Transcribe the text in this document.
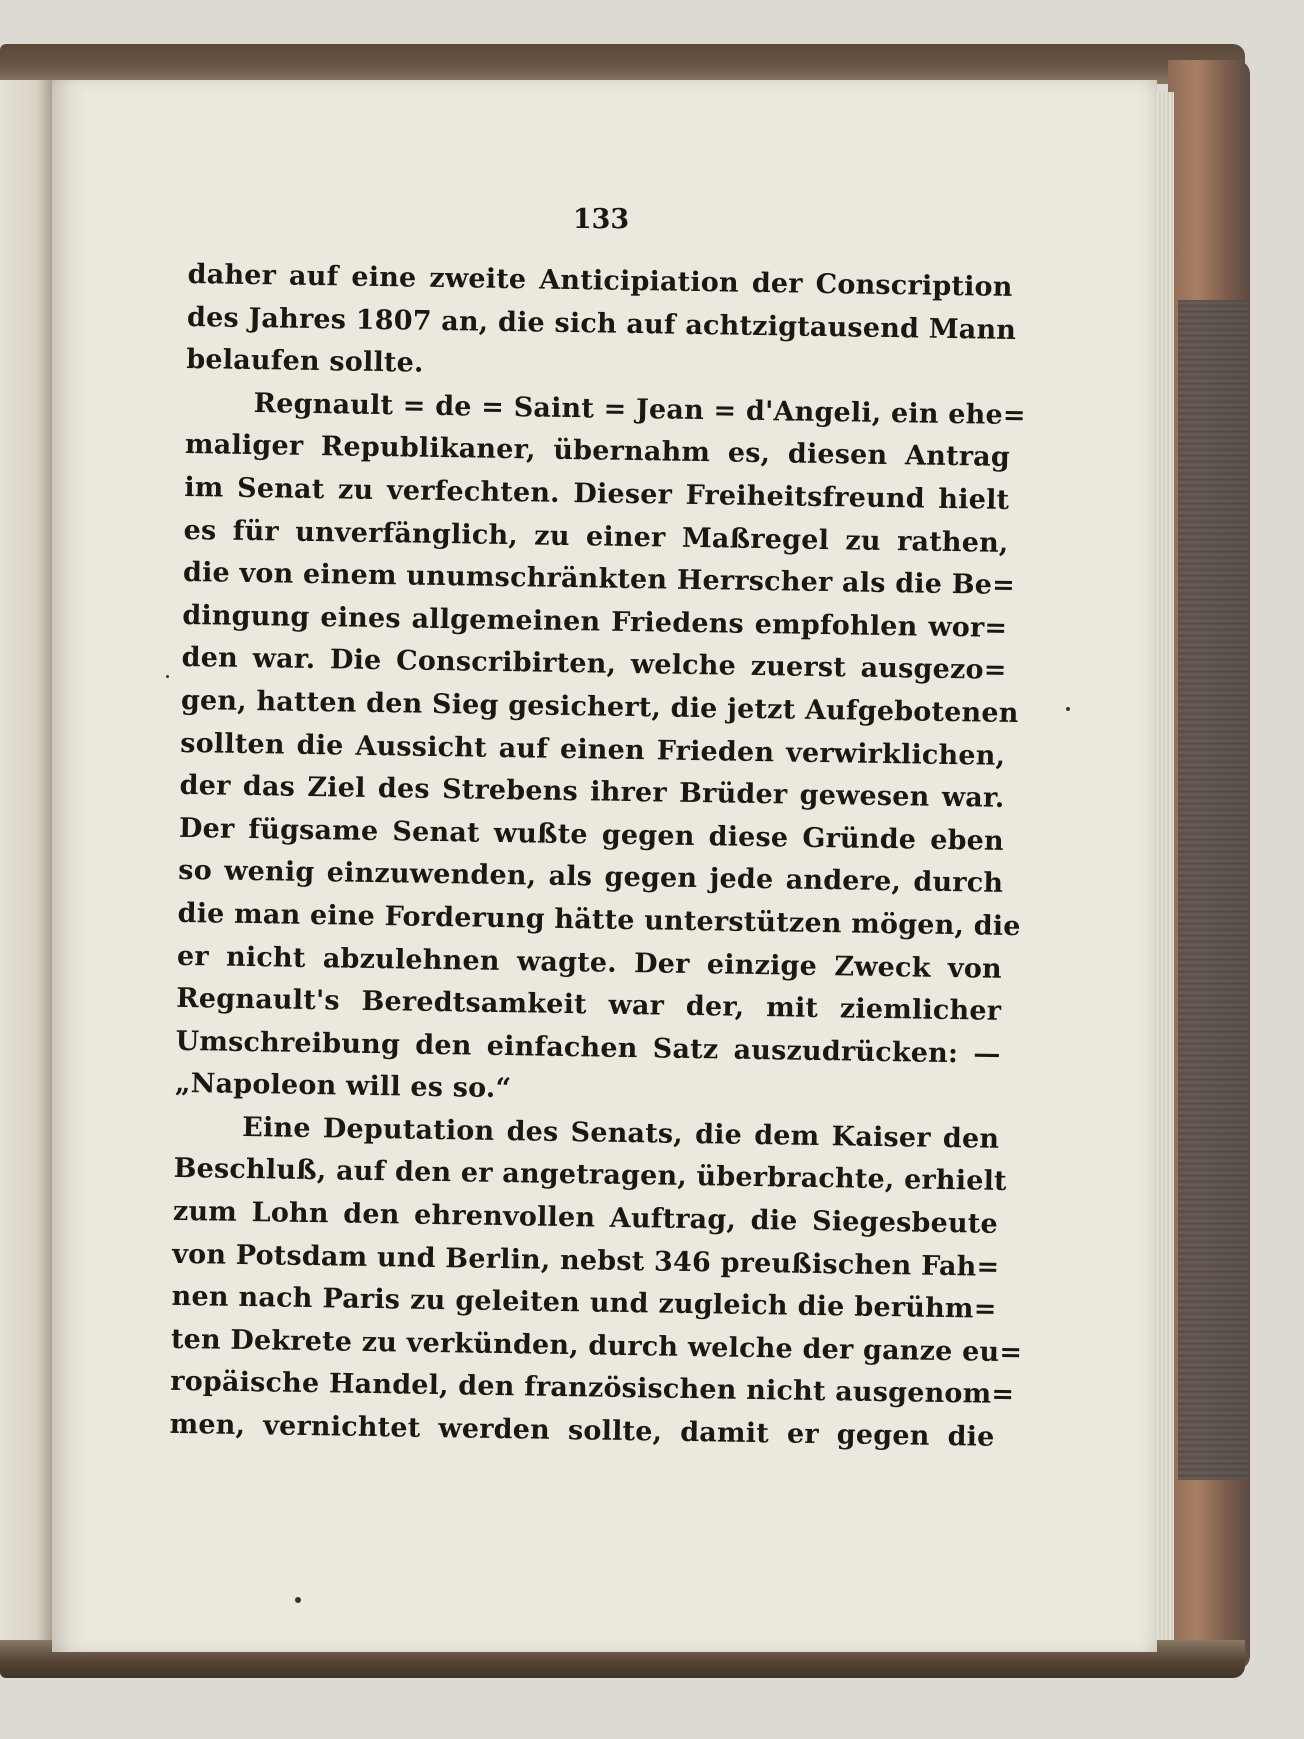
133
daher auf eine zweite Anticipiation der Conscription
des Jahres 1807 an, die sich auf achtzigtausend Mann
belaufen sollte.
Regnault = de = Saint = Jean = d'Angeli, ein ehe=
maliger Republikaner, übernahm es, diesen Antrag
im Senat zu verfechten. Dieser Freiheitsfreund hielt
es für unverfänglich, zu einer Maßregel zu rathen,
die von einem unumschränkten Herrscher als die Be=
dingung eines allgemeinen Friedens empfohlen wor=
den war. Die Conscribirten, welche zuerst ausgezo=
gen, hatten den Sieg gesichert, die jetzt Aufgebotenen
sollten die Aussicht auf einen Frieden verwirklichen,
der das Ziel des Strebens ihrer Brüder gewesen war.
Der fügsame Senat wußte gegen diese Gründe eben
so wenig einzuwenden, als gegen jede andere, durch
die man eine Forderung hätte unterstützen mögen, die
er nicht abzulehnen wagte. Der einzige Zweck von
Regnault's Beredtsamkeit war der, mit ziemlicher
Umschreibung den einfachen Satz auszudrücken: —
„Napoleon will es so.“
Eine Deputation des Senats, die dem Kaiser den
Beschluß, auf den er angetragen, überbrachte, erhielt
zum Lohn den ehrenvollen Auftrag, die Siegesbeute
von Potsdam und Berlin, nebst 346 preußischen Fah=
nen nach Paris zu geleiten und zugleich die berühm=
ten Dekrete zu verkünden, durch welche der ganze eu=
ropäische Handel, den französischen nicht ausgenom=
men, vernichtet werden sollte, damit er gegen die
